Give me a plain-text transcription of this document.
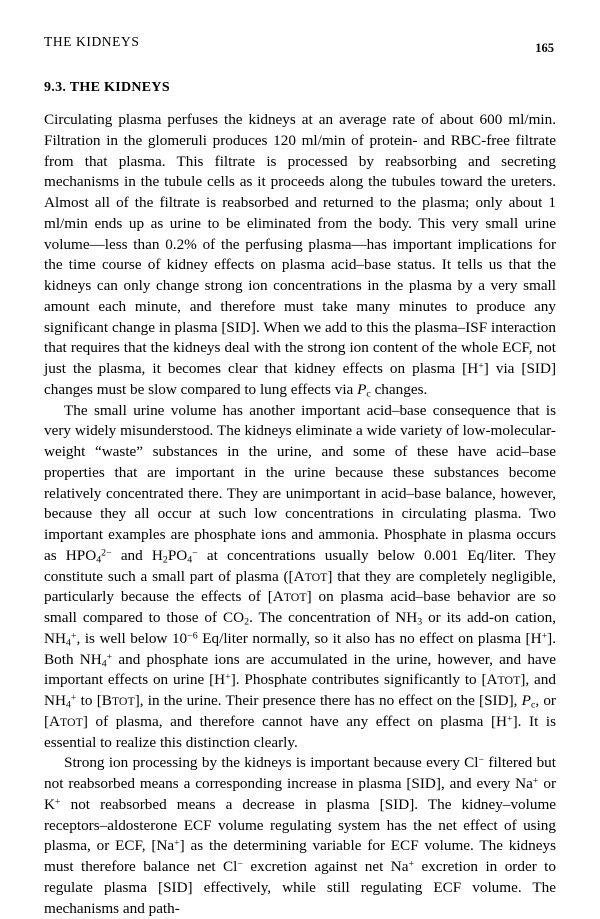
THE KIDNEYS	165
9.3. THE KIDNEYS

Circulating plasma perfuses the kidneys at an average rate of about 600 ml/min. Filtration in the glomeruli produces 120 ml/min of protein- and RBC-free filtrate from that plasma. This filtrate is processed by reabsorbing and secreting mechanisms in the tubule cells as it proceeds along the tubules toward the ureters. Almost all of the filtrate is reabsorbed and returned to the plasma; only about 1 ml/min ends up as urine to be eliminated from the body. This very small urine volume—less than 0.2% of the perfusing plasma—has important implications for the time course of kidney effects on plasma acid–base status. It tells us that the kidneys can only change strong ion concentrations in the plasma by a very small amount each minute, and therefore must take many minutes to produce any significant change in plasma [SID]. When we add to this the plasma–ISF interaction that requires that the kidneys deal with the strong ion content of the whole ECF, not just the plasma, it becomes clear that kidney effects on plasma [H+] via [SID] changes must be slow compared to lung effects via $P_c$ changes.

The small urine volume has another important acid–base consequence that is very widely misunderstood. The kidneys eliminate a wide variety of low-molecular-weight “waste” substances in the urine, and some of these have acid–base properties that are important in the urine because these substances become relatively concentrated there. They are unimportant in acid–base balance, however, because they all occur at such low concentrations in circulating plasma. Two important examples are phosphate ions and ammonia. Phosphate in plasma occurs as $HPO_4^{2-}$ and $H_2PO_4^-$ at concentrations usually below 0.001 Eq/liter. They constitute such a small part of plasma ([ATOT] that they are completely negligible, particularly because the effects of [ATOT] on plasma acid–base behavior are so small compared to those of $CO_2$. The concentration of $NH_3$ or its add-on cation, $NH_4^+$, is well below $10^{-6}$ Eq/liter normally, so it also has no effect on plasma [H+]. Both $NH_4^+$ and phosphate ions are accumulated in the urine, however, and have important effects on urine [H+]. Phosphate contributes significantly to [ATOT], and $NH_4^+$ to [BTOT], in the urine. Their presence there has no effect on the [SID], $P_c$, or [ATOT] of plasma, and therefore cannot have any effect on plasma [H+]. It is essential to realize this distinction clearly.

Strong ion processing by the kidneys is important because every Cl− filtered but not reabsorbed means a corresponding increase in plasma [SID], and every Na+ or K+ not reabsorbed means a decrease in plasma [SID]. The kidney–volume receptors–aldosterone ECF volume regulating system has the net effect of using plasma, or ECF, [Na+] as the determining variable for ECF volume. The kidneys must therefore balance net Cl− excretion against net Na+ excretion in order to regulate plasma [SID] effectively, while still regulating ECF volume. The mechanisms and path-
